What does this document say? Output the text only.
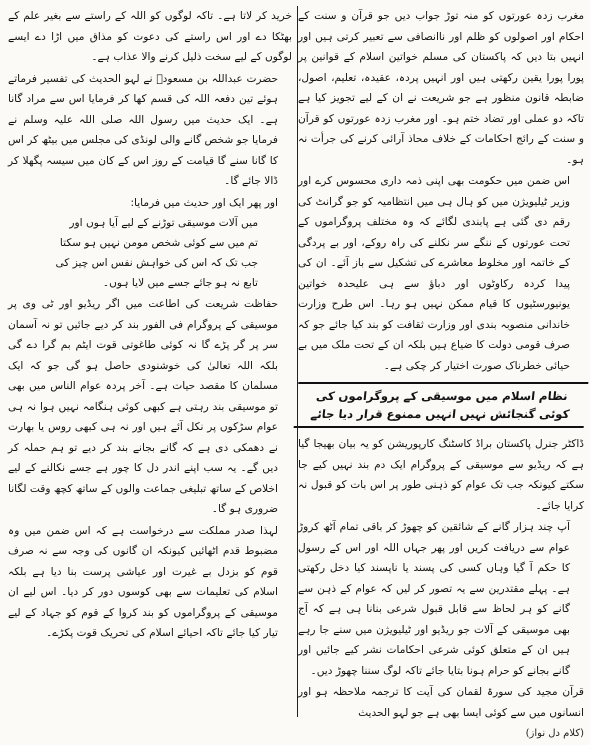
مغرب زدہ عورتوں کو منہ توڑ جواب دیں جو قرآن و سنت کے احکام اور اصولوں کو ظلم اور ناانصافی سے تعبیر کرتی ہیں اور انہیں بتا دیں کہ پاکستان کی مسلم خواتین اسلام کے قوانین پر پورا پورا یقین رکھتی ہیں اور انہیں پردہ، عقیدہ، تعلیم، اصول، ضابطہ قانون منظور ہے جو شریعت نے ان کے لیے تجویز کیا ہے تاکہ دو عملی اور تضاد ختم ہو۔ اور مغرب زدہ عورتوں کو قرآن و سنت کے رائج احکامات کے خلاف محاذ آرائی کرنے کی جرأت نہ ہو۔

اس ضمن میں حکومت بھی اپنی ذمہ داری محسوس کرے اور وزیر ٹیلیویژن میں کو ہال ہی میں انتظامیہ کو جو گرانٹ کی رقم دی گئی ہے پابندی لگائے کہ وہ مختلف پروگراموں کے تحت عورتوں کے ننگے سر نکلنے کی راہ روکے، اور بے پردگی کے خاتمہ اور مخلوط معاشرے کی تشکیل سے باز آئے۔ ان کی پیدا کردہ رکاوٹوں اور دباؤ سے ہی علیحدہ خواتین یونیورسٹیوں کا قیام ممکن نہیں ہو رہا۔ اس طرح وزارت خاندانی منصوبہ بندی اور وزارت ثقافت کو بند کیا جائے جو کہ صرف قومی دولت کا ضیاع ہیں بلکہ ان کے تحت ملک میں بے حیائی خطرناک صورت اختیار کر چکی ہے۔

نظام اسلام میں موسیقی کے پروگراموں کی کوئی گنجائش نہیں انہیں ممنوع قرار دیا جائے

ڈاکٹر جنرل پاکستان براڈ کاسٹنگ کارپوریشن کو یہ بیان بھیجا گیا ہے کہ ریڈیو سے موسیقی کے پروگرام ایک دم بند نہیں کیے جا سکتے کیونکہ جب تک عوام کو ذہنی طور پر اس بات کو قبول نہ کرایا جائے۔

آپ چند ہزار گانے کے شائقین کو چھوڑ کر باقی تمام آٹھ کروڑ عوام سے دریافت کریں اور پھر جہاں اللہ اور اس کے رسول کا حکم آ گیا وہاں کسی کی پسند یا ناپسند کیا دخل رکھتی ہے۔ پہلے مقتدرین سے یہ تصور کر لیں کہ عوام کے ذہن سے گانے کو ہر لحاظ سے قابل قبول شرعی بنانا ہی ہے کہ آج بھی موسیقی کے آلات جو ریڈیو اور ٹیلیویژن میں سنے جا رہے ہیں ان کے متعلق کوئی شرعی احکامات نشر کیے جائیں اور گانے بجانے کو حرام ہونا بتایا جائے تاکہ لوگ سننا چھوڑ دیں۔

قرآن مجید کی سورۃ لقمان کی آیت کا ترجمہ ملاحظہ ہو اور انسانوں میں سے کوئی ایسا بھی ہے جو لہو الحدیث

(کلام دل نواز)

خرید کر لاتا ہے۔ تاکہ لوگوں کو اللہ کے راستے سے بغیر علم کے بھٹکا دے اور اس راستے کی دعوت کو مذاق میں اڑا دے ایسے لوگوں کے لیے سخت ذلیل کرنے والا عذاب ہے۔

حضرت عبداللہ بن مسعودؓ نے لہو الحدیث کی تفسیر فرماتے ہوئے تین دفعہ اللہ کی قسم کھا کر فرمایا اس سے مراد گانا ہے۔ ایک حدیث میں رسول اللہ صلی اللہ علیہ وسلم نے فرمایا جو شخص گانے والی لونڈی کی مجلس میں بیٹھ کر اس کا گانا سنے گا قیامت کے روز اس کے کان میں سیسہ پگھلا کر ڈالا جائے گا۔

اور پھر ایک اور حدیث میں فرمایا:

میں آلات موسیقی توڑنے کے لیے آیا ہوں اور

تم میں سے کوئی شخص مومن نہیں ہو سکتا

جب تک کہ اس کی خواہش نفس اس چیز کی

تابع نہ ہو جائے جسے میں لایا ہوں۔

حفاظت شریعت کی اطاعت میں اگر ریڈیو اور ٹی وی پر موسیقی کے پروگرام فی الفور بند کر دیے جائیں تو نہ آسمان سر پر گر پڑے گا نہ کوئی طاغوتی قوت ایٹم بم گرا دے گی بلکہ اللہ تعالیٰ کی خوشنودی حاصل ہو گی جو کہ ایک مسلمان کا مقصد حیات ہے۔ آخر پردہ عوام الناس میں بھی تو موسیقی بند رہتی ہے کبھی کوئی ہنگامہ نہیں ہوا نہ ہی عوام سڑکوں پر نکل آئے ہیں اور نہ ہی کبھی روس یا بھارت نے دھمکی دی ہے کہ گانے بجانے بند کر دیے تو ہم حملہ کر دیں گے۔ یہ سب اپنے اندر دل کا چور ہے جسے نکالنے کے لیے اخلاص کے ساتھ تبلیغی جماعت والوں کے ساتھ کچھ وقت لگانا ضروری ہو گا۔

لہذا صدر مملکت سے درخواست ہے کہ اس ضمن میں وہ مضبوط قدم اٹھائیں کیونکہ ان گانوں کی وجہ سے نہ صرف قوم کو بزدل بے غیرت اور عیاشی پرست بنا دیا ہے بلکہ اسلام کی تعلیمات سے بھی کوسوں دور کر دیا۔ اس لیے ان موسیقی کے پروگراموں کو بند کروا کے قوم کو جہاد کے لیے تیار کیا جائے تاکہ احیائے اسلام کی تحریک قوت پکڑے۔
